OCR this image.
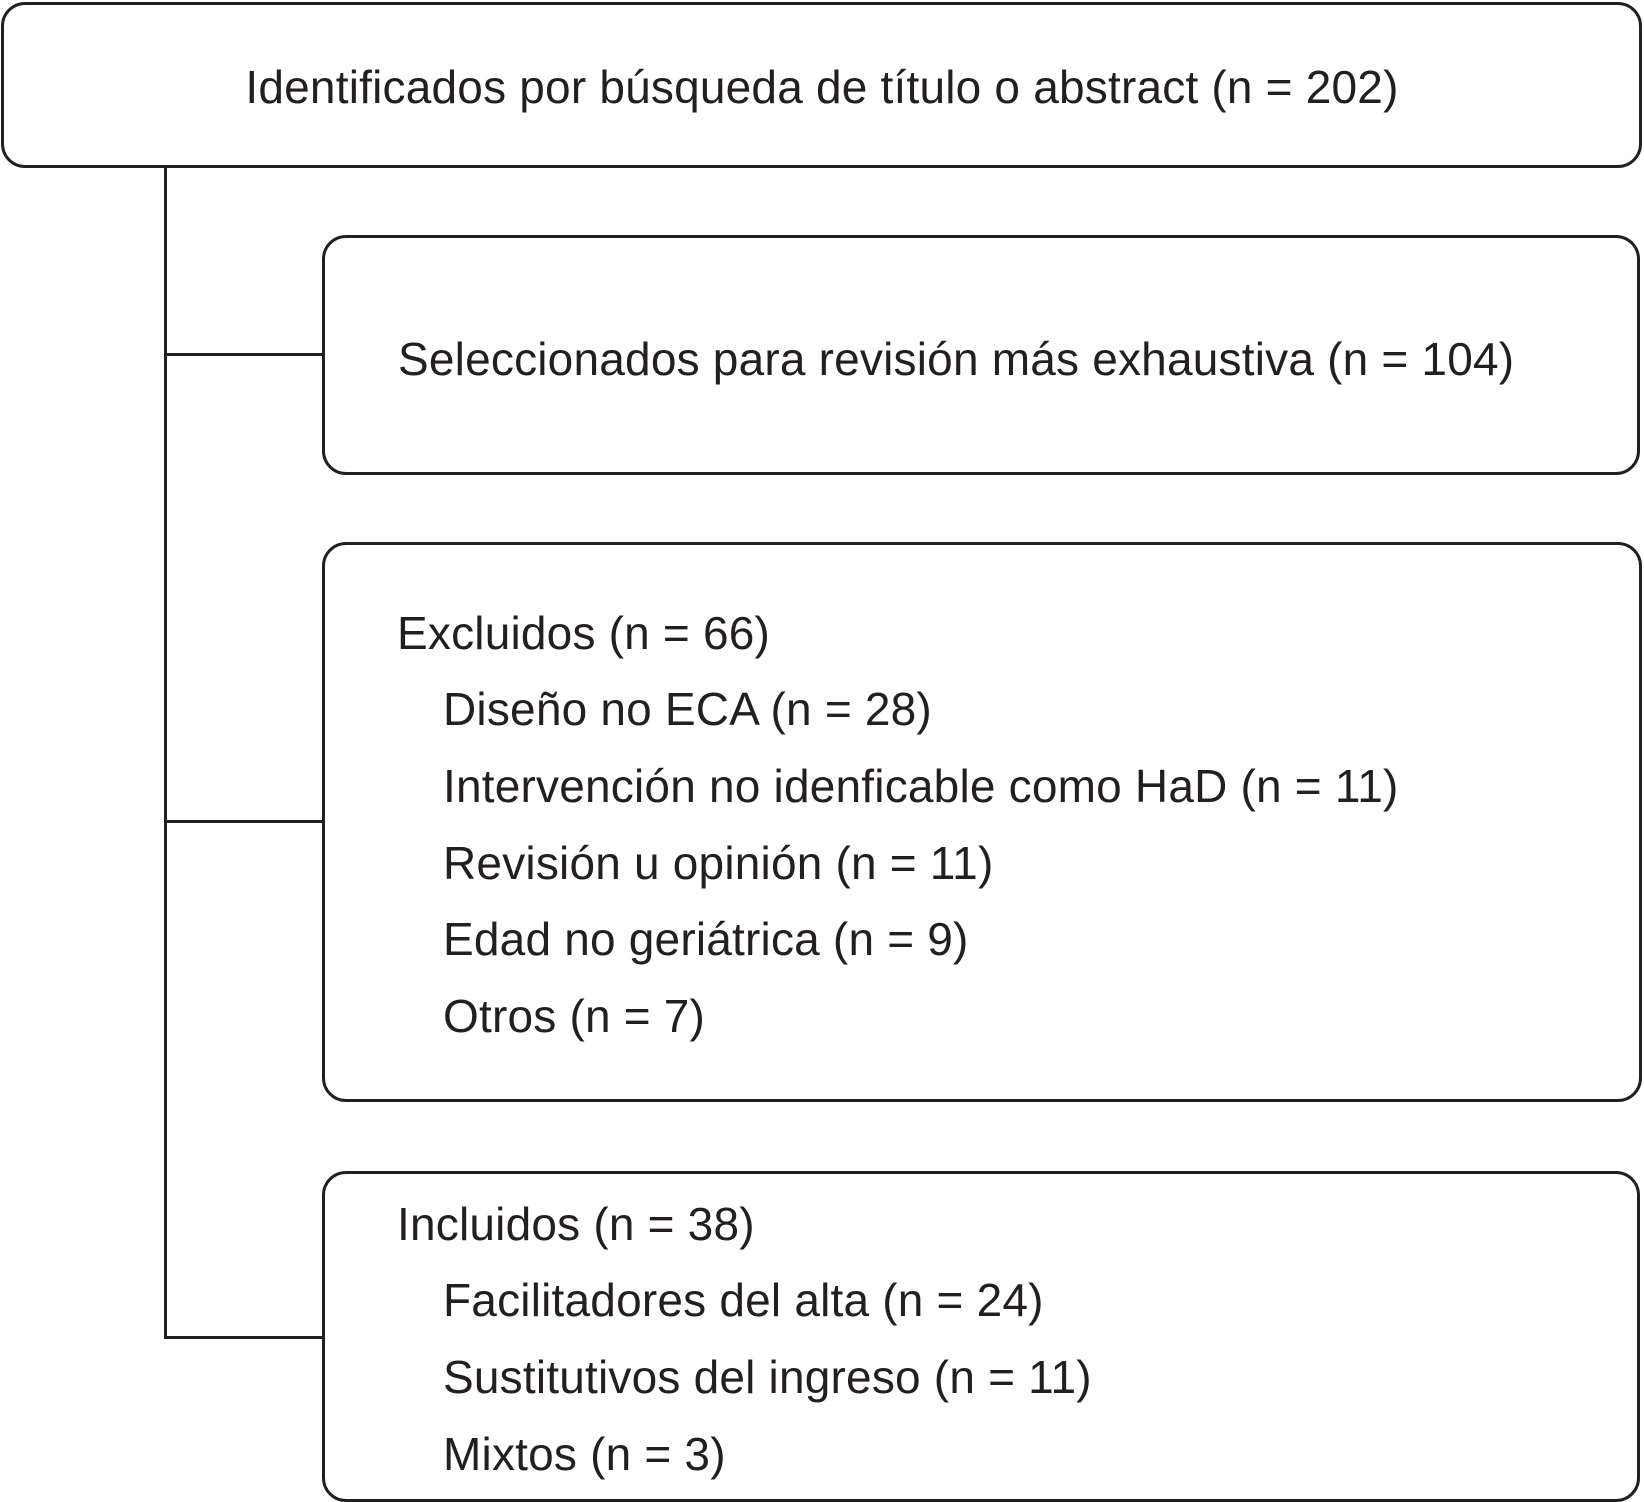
Identificados por búsqueda de título o abstract (n = 202)
Seleccionados para revisión más exhaustiva (n = 104)
Excluidos (n = 66)
Diseño no ECA (n = 28)
Intervención no idenficable como HaD (n = 11)
Revisión u opinión (n = 11)
Edad no geriátrica (n = 9)
Otros (n = 7)
Incluidos (n = 38)
Facilitadores del alta (n = 24)
Sustitutivos del ingreso (n = 11)
Mixtos (n = 3)
